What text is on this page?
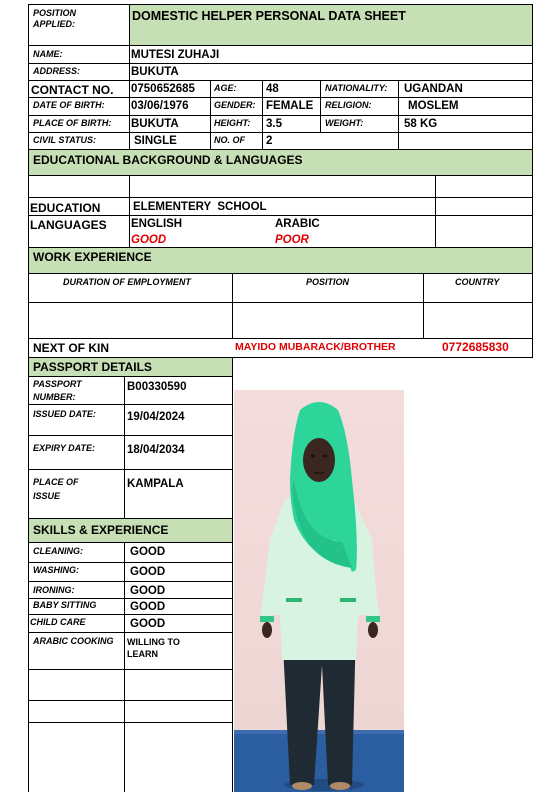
POSITION APPLIED:
DOMESTIC HELPER PERSONAL DATA SHEET
NAME:	MUTESI ZUHAJI
ADDRESS:	BUKUTA
CONTACT NO. 0750652685 AGE:	48	NATIONALITY: UGANDAN
DATE OF BIRTH: 03/06/1976	GENDER: FEMALE RELIGION:	MOSLEM
PLACE OF BIRTH: BUKUTA	HEIGHT: 3.5	WEIGHT:	58 KG
CIVIL STATUS:	SINGLE	NO. OF 2
EDUCATIONAL BACKGROUND & LANGUAGES
EDUCATION	ELEMENTERY  SCHOOL
LANGUAGES ENGLISH
GOOD
ARABIC
POOR
WORK EXPERIENCE
DURATION OF EMPLOYMENT	POSITION	COUNTRY
NEXT OF KIN	MAYIDO MUBARACK/BROTHER	0772685830
PASSPORT DETAILS
PASSPORT
NUMBER:
B00330590
ISSUED DATE:	19/04/2024
EXPIRY DATE:	18/04/2034
PLACE OF
ISSUE
KAMPALA
SKILLS & EXPERIENCE
CLEANING:	GOOD
WASHING:	GOOD
IRONING:	GOOD
BABY SITTING	GOOD
CHILD CARE	GOOD
ARABIC COOKING WILLING TO LEARN
